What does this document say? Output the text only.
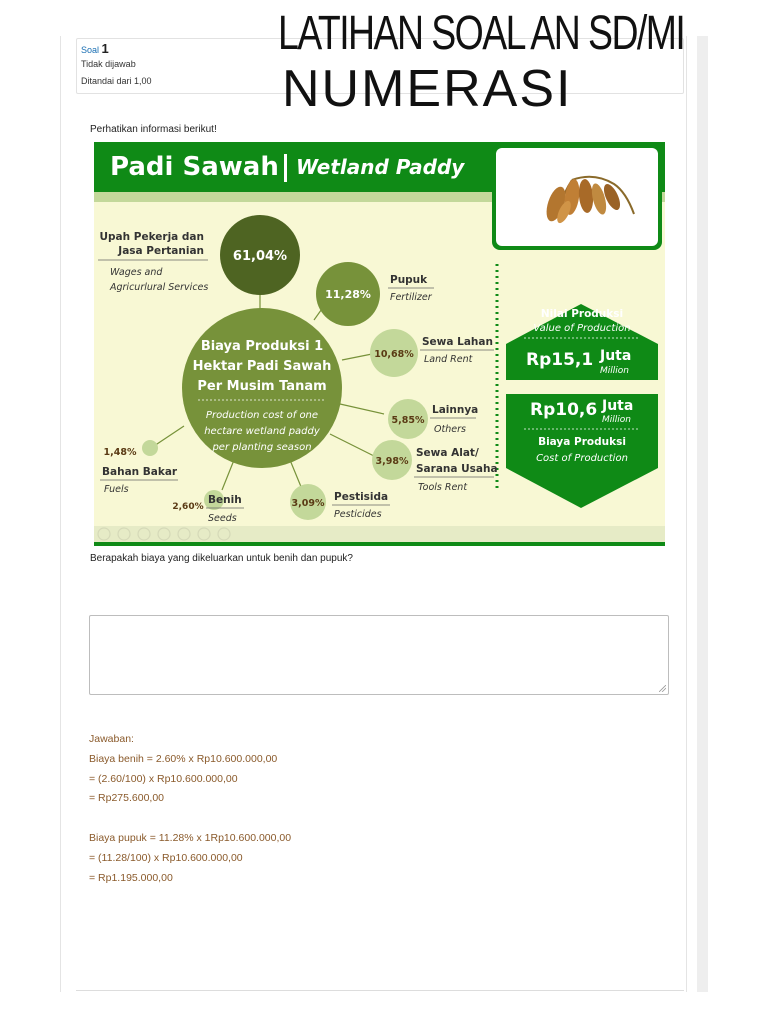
Soal 1
Tidak dijawab
Ditandai dari 1,00
LATIHAN SOAL AN SD/MI
NUMERASI
Perhatikan informasi berikut!
Padi Sawah Wetland Paddy
61,04%
Upah Pekerja dan
Jasa Pertanian
Wages and
Agricurlural Services
11,28%
Pupuk
Fertilizer
Biaya Produksi 1
Hektar Padi Sawah
Per Musim Tanam
Production cost of one
hectare wetland paddy
per planting season
10,68%
Sewa Lahan
Land Rent
5,85%
Lainnya
Others
3,98%
Sewa Alat/
Sarana Usaha
Tools Rent
3,09%
Pestisida
Pesticides
2,60%
Benih
Seeds
1,48%
Bahan Bakar
Fuels
Nilai Produksi
Value of Production
Rp15,1 Juta
Million
Rp10,6 Juta
Million
Biaya Produksi
Cost of Production
Berapakah biaya yang dikeluarkan untuk benih dan pupuk?
Jawaban:
Biaya benih = 2.60% x Rp10.600.000,00
= (2.60/100) x Rp10.600.000,00
= Rp275.600,00
Biaya pupuk = 11.28% x 1Rp10.600.000,00
= (11.28/100) x Rp10.600.000,00
= Rp1.195.000,00
